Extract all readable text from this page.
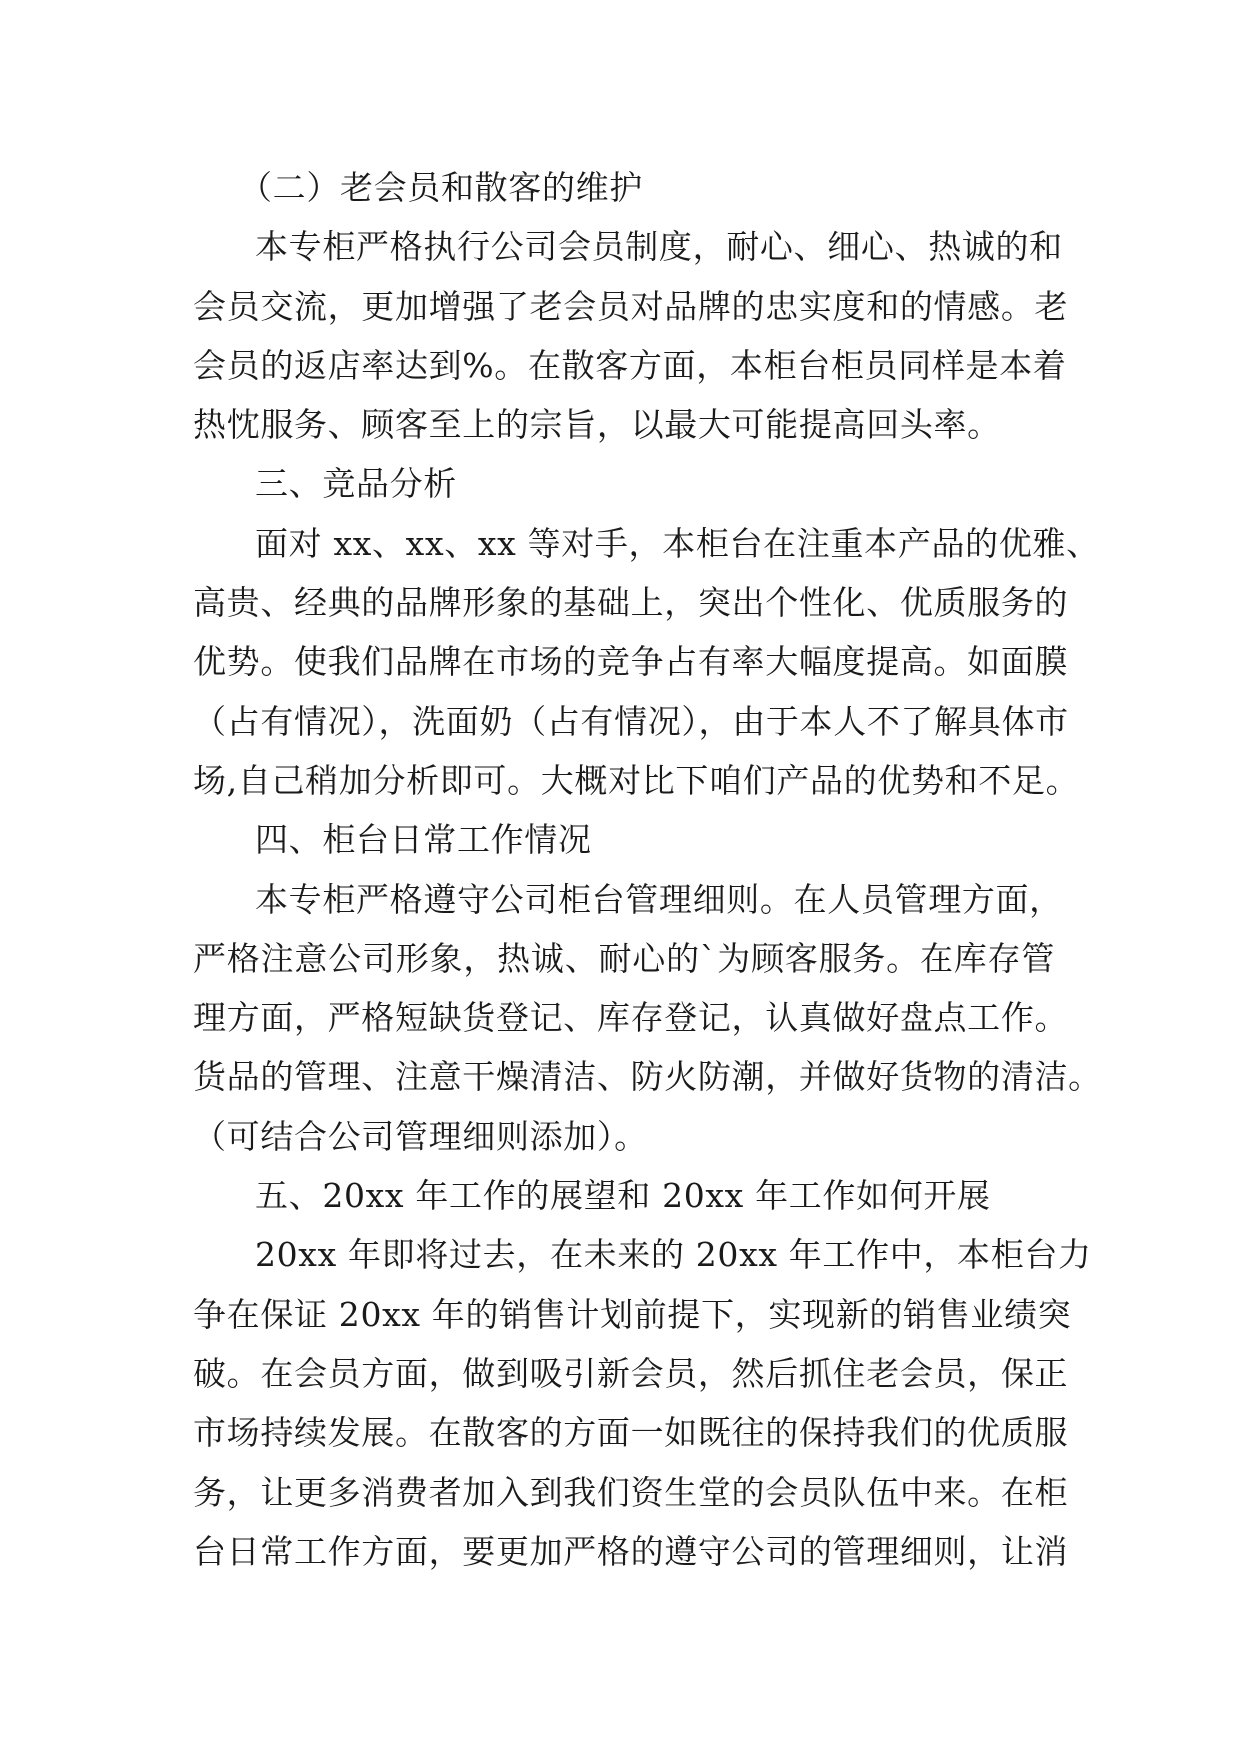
（二）老会员和散客的维护
本专柜严格执行公司会员制度，耐心、细心、热诚的和
会员交流，更加增强了老会员对品牌的忠实度和的情感。老
会员的返店率达到%。在散客方面，本柜台柜员同样是本着
热忱服务、顾客至上的宗旨，以最大可能提高回头率。
三、竞品分析
面对 xx、xx、xx 等对手，本柜台在注重本产品的优雅、
高贵、经典的品牌形象的基础上，突出个性化、优质服务的
优势。使我们品牌在市场的竞争占有率大幅度提高。如面膜
（占有情况），洗面奶（占有情况），由于本人不了解具体市
场,自己稍加分析即可。大概对比下咱们产品的优势和不足。
四、柜台日常工作情况
本专柜严格遵守公司柜台管理细则。在人员管理方面，
严格注意公司形象，热诚、耐心的`为顾客服务。在库存管
理方面，严格短缺货登记、库存登记，认真做好盘点工作。
货品的管理、注意干燥清洁、防火防潮，并做好货物的清洁。
（可结合公司管理细则添加）。
五、20xx 年工作的展望和 20xx 年工作如何开展
20xx 年即将过去，在未来的 20xx 年工作中，本柜台力
争在保证 20xx 年的销售计划前提下，实现新的销售业绩突
破。在会员方面，做到吸引新会员，然后抓住老会员，保正
市场持续发展。在散客的方面一如既往的保持我们的优质服
务，让更多消费者加入到我们资生堂的会员队伍中来。在柜
台日常工作方面，要更加严格的遵守公司的管理细则，让消
